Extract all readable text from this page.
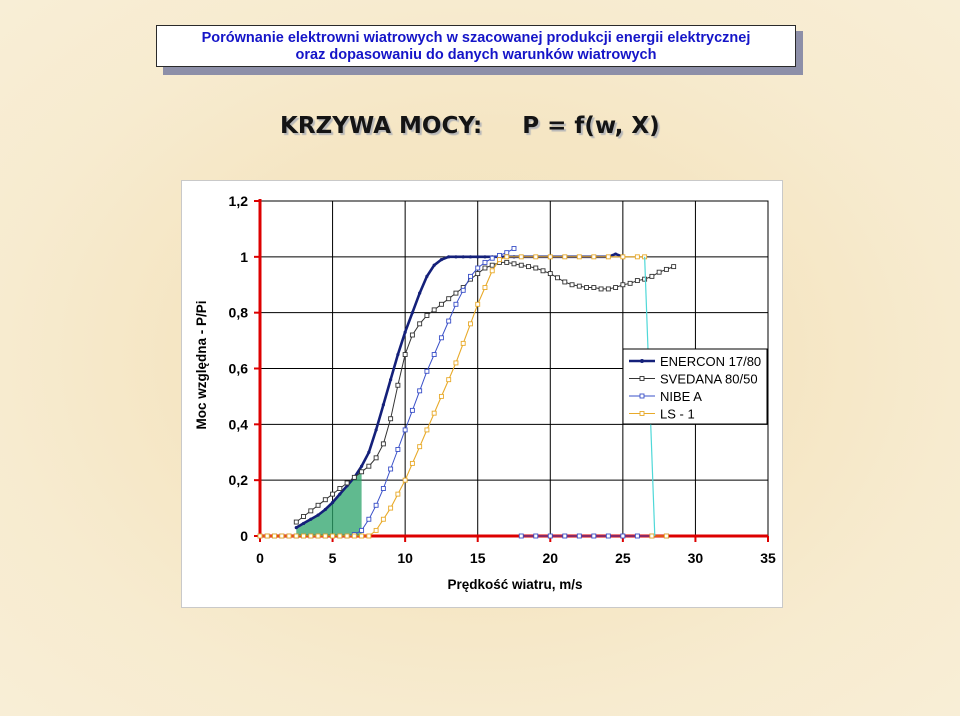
Porównanie elektrowni wiatrowych w szacowanej produkcji energii elektrycznej
oraz dopasowaniu do danych warunków wiatrowych
KRZYWA MOCY: P = f(w, X)
0	5	10	15	20	25	30	35
0
0,2
0,4
0,6
0,8
1
1,2
Prędkość wiatru, m/s
Moc względna - P/Pi	ENERCON 17/80
SVEDANA 80/50
NIBE A
LS - 1
